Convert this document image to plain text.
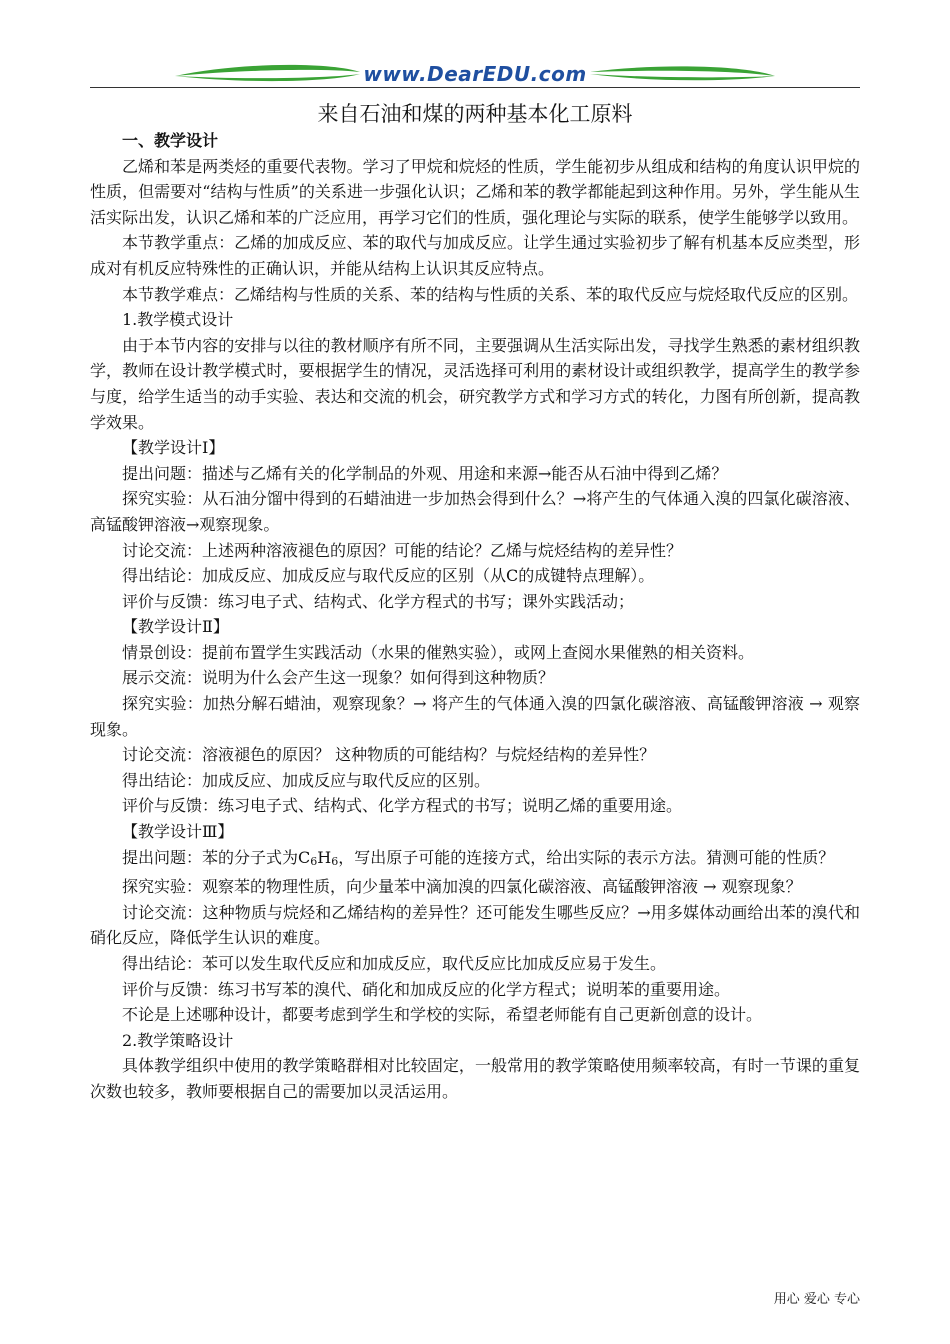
www.DearEDU.com
来自石油和煤的两种基本化工原料

一、教学设计

乙烯和苯是两类烃的重要代表物。学习了甲烷和烷烃的性质，学生能初步从组成和结构的角度认识甲烷的性质，但需要对“结构与性质”的关系进一步强化认识；乙烯和苯的教学都能起到这种作用。另外，学生能从生活实际出发，认识乙烯和苯的广泛应用，再学习它们的性质，强化理论与实际的联系，使学生能够学以致用。

本节教学重点：乙烯的加成反应、苯的取代与加成反应。让学生通过实验初步了解有机基本反应类型，形成对有机反应特殊性的正确认识，并能从结构上认识其反应特点。

本节教学难点：乙烯结构与性质的关系、苯的结构与性质的关系、苯的取代反应与烷烃取代反应的区别。

1.教学模式设计

由于本节内容的安排与以往的教材顺序有所不同，主要强调从生活实际出发，寻找学生熟悉的素材组织教学，教师在设计教学模式时，要根据学生的情况，灵活选择可利用的素材设计或组织教学，提高学生的教学参与度，给学生适当的动手实验、表达和交流的机会，研究教学方式和学习方式的转化，力图有所创新，提高教学效果。

【教学设计Ⅰ】

提出问题：描述与乙烯有关的化学制品的外观、用途和来源→能否从石油中得到乙烯？

探究实验：从石油分馏中得到的石蜡油进一步加热会得到什么？→将产生的气体通入溴的四氯化碳溶液、高锰酸钾溶液→观察现象。

讨论交流：上述两种溶液褪色的原因？可能的结论？乙烯与烷烃结构的差异性？

得出结论：加成反应、加成反应与取代反应的区别（从C的成键特点理解）。

评价与反馈：练习电子式、结构式、化学方程式的书写；课外实践活动；

【教学设计Ⅱ】

情景创设：提前布置学生实践活动（水果的催熟实验），或网上查阅水果催熟的相关资料。

展示交流：说明为什么会产生这一现象？如何得到这种物质？

探究实验：加热分解石蜡油，观察现象？→ 将产生的气体通入溴的四氯化碳溶液、高锰酸钾溶液 → 观察现象。

讨论交流：溶液褪色的原因？ 这种物质的可能结构？与烷烃结构的差异性？

得出结论：加成反应、加成反应与取代反应的区别。

评价与反馈：练习电子式、结构式、化学方程式的书写；说明乙烯的重要用途。

【教学设计Ⅲ】

提出问题：苯的分子式为C6H6，写出原子可能的连接方式，给出实际的表示方法。猜测可能的性质？

探究实验：观察苯的物理性质，向少量苯中滴加溴的四氯化碳溶液、高锰酸钾溶液 → 观察现象？

讨论交流：这种物质与烷烃和乙烯结构的差异性？还可能发生哪些反应？→用多媒体动画给出苯的溴代和硝化反应，降低学生认识的难度。

得出结论：苯可以发生取代反应和加成反应，取代反应比加成反应易于发生。

评价与反馈：练习书写苯的溴代、硝化和加成反应的化学方程式；说明苯的重要用途。

不论是上述哪种设计，都要考虑到学生和学校的实际，希望老师能有自己更新创意的设计。

2.教学策略设计

具体教学组织中使用的教学策略群相对比较固定，一般常用的教学策略使用频率较高，有时一节课的重复次数也较多，教师要根据自己的需要加以灵活运用。

用心 爱心 专心
